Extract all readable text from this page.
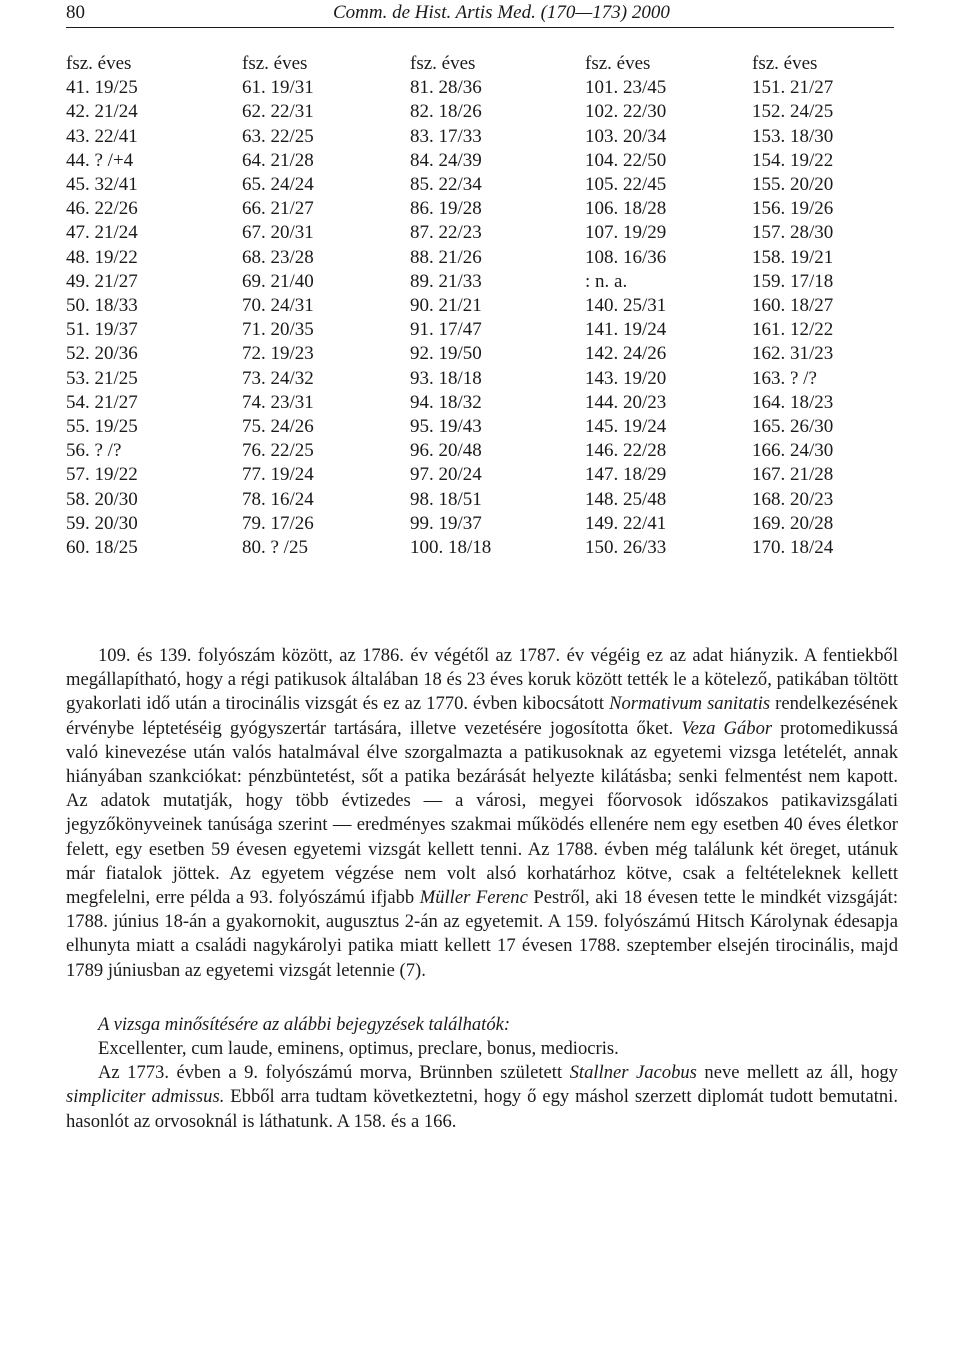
80	Comm. de Hist. Artis Med. (170—173) 2000
fsz. éves
41. 19/25
42. 21/24
43. 22/41
44. ? /+4
45. 32/41
46. 22/26
47. 21/24
48. 19/22
49. 21/27
50. 18/33
51. 19/37
52. 20/36
53. 21/25
54. 21/27
55. 19/25
56. ? /?
57. 19/22
58. 20/30
59. 20/30
60. 18/25
fsz. éves
61. 19/31
62. 22/31
63. 22/25
64. 21/28
65. 24/24
66. 21/27
67. 20/31
68. 23/28
69. 21/40
70. 24/31
71. 20/35
72. 19/23
73. 24/32
74. 23/31
75. 24/26
76. 22/25
77. 19/24
78. 16/24
79. 17/26
80. ? /25
fsz. éves
81. 28/36
82. 18/26
83. 17/33
84. 24/39
85. 22/34
86. 19/28
87. 22/23
88. 21/26
89. 21/33
90. 21/21
91. 17/47
92. 19/50
93. 18/18
94. 18/32
95. 19/43
96. 20/48
97. 20/24
98. 18/51
99. 19/37
100. 18/18
fsz. éves
101. 23/45
102. 22/30
103. 20/34
104. 22/50
105. 22/45
106. 18/28
107. 19/29
108. 16/36
: n. a.
140. 25/31
141. 19/24
142. 24/26
143. 19/20
144. 20/23
145. 19/24
146. 22/28
147. 18/29
148. 25/48
149. 22/41
150. 26/33
fsz. éves
151. 21/27
152. 24/25
153. 18/30
154. 19/22
155. 20/20
156. 19/26
157. 28/30
158. 19/21
159. 17/18
160. 18/27
161. 12/22
162. 31/23
163. ? /?
164. 18/23
165. 26/30
166. 24/30
167. 21/28
168. 20/23
169. 20/28
170. 18/24

109. és 139. folyószám között, az 1786. év végétől az 1787. év végéig ez az adat hiányzik. A fentiekből megállapítható, hogy a régi patikusok általában 18 és 23 éves koruk között tették le a kötelező, patikában töltött gyakorlati idő után a tirocinális vizsgát és ez az 1770. évben kibocsátott Normativum sanitatis rendelkezésének érvénybe léptetéséig gyógyszertár tartására, illetve vezetésére jogosította őket. Veza Gábor protomedikussá való kinevezése után valós hatalmával élve szorgalmazta a patikusoknak az egyetemi vizsga letételét, annak hiányában szankciókat: pénzbüntetést, sőt a patika bezárását helyezte kilátásba; senki felmentést nem kapott. Az adatok mutatják, hogy több évtizedes — a városi, megyei főorvosok időszakos patikavizsgálati jegyzőkönyveinek tanúsága szerint — eredményes szakmai működés ellenére nem egy esetben 40 éves életkor felett, egy esetben 59 évesen egyetemi vizsgát kellett tenni. Az 1788. évben még találunk két öreget, utánuk már fiatalok jöttek. Az egyetem végzése nem volt alsó korhatárhoz kötve, csak a feltételeknek kellett megfelelni, erre példa a 93. folyószámú ifjabb Müller Ferenc Pestről, aki 18 évesen tette le mindkét vizsgáját: 1788. június 18-án a gyakornokit, augusztus 2-án az egyetemit. A 159. folyószámú Hitsch Károlynak édesapja elhunyta miatt a családi nagykárolyi patika miatt kellett 17 évesen 1788. szeptember elsején tirocinális, majd 1789 júniusban az egyetemi vizsgát letennie (7).

A vizsga minősítésére az alábbi bejegyzések találhatók:

Excellenter, cum laude, eminens, optimus, preclare, bonus, mediocris.

Az 1773. évben a 9. folyószámú morva, Brünnben született Stallner Jacobus neve mellett az áll, hogy simpliciter admissus. Ebből arra tudtam következtetni, hogy ő egy máshol szerzett diplomát tudott bemutatni. hasonlót az orvosoknál is láthatunk. A 158. és a 166.
